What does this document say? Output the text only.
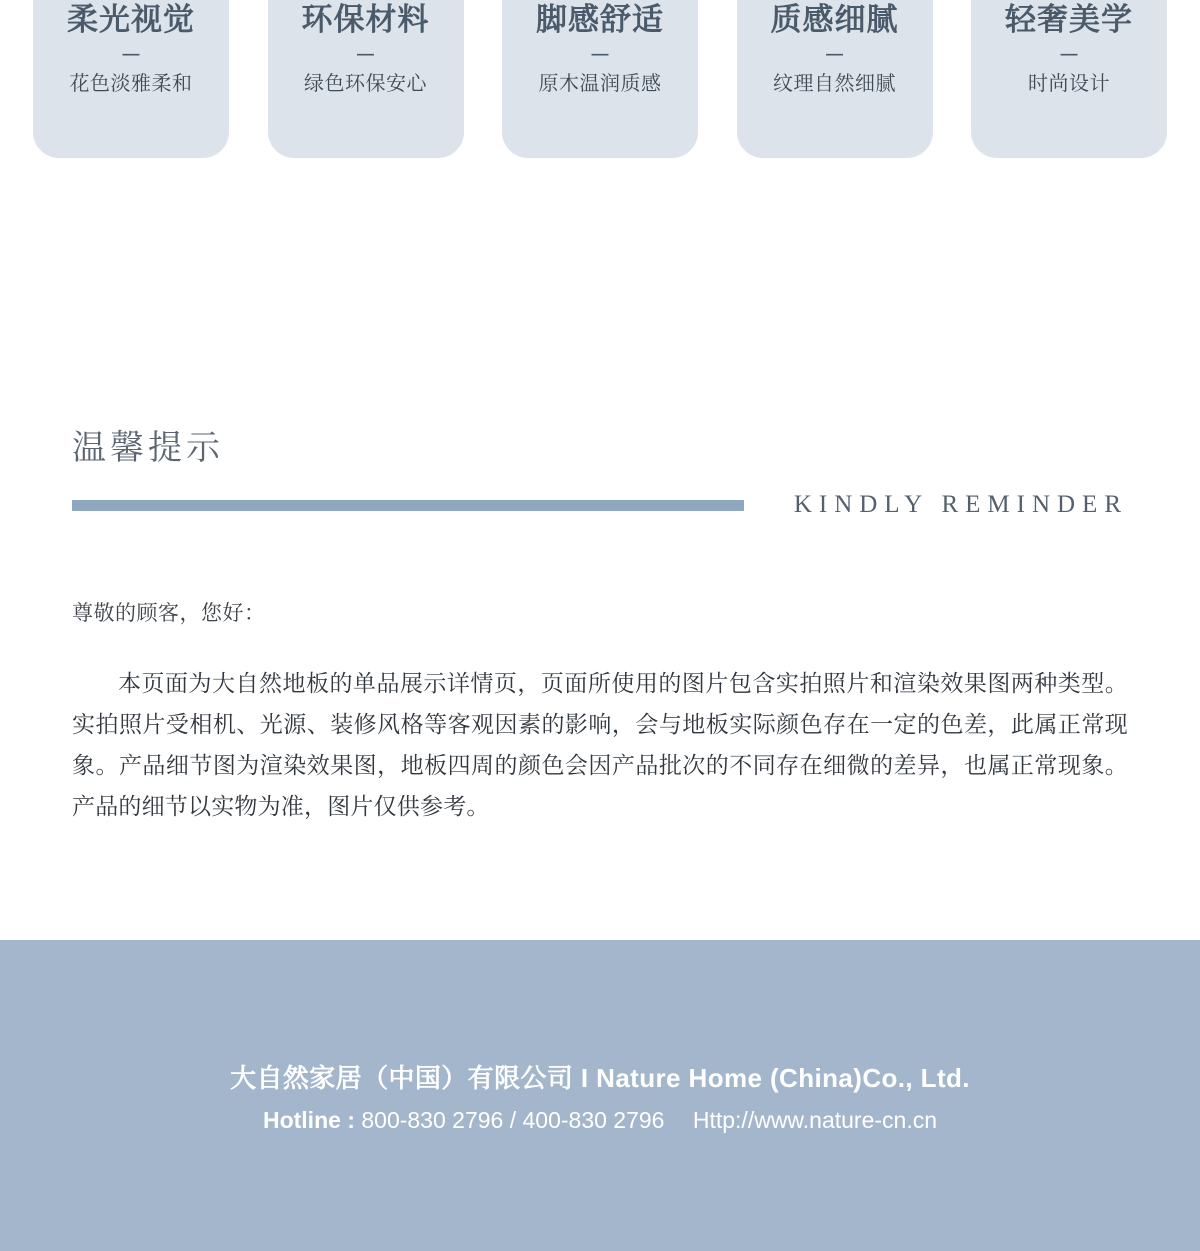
柔光视觉
—
花色淡雅柔和
环保材料
—
绿色环保安心
脚感舒适
—
原木温润质感
质感细腻
—
纹理自然细腻
轻奢美学
—
时尚设计
温馨提示
KINDLY REMINDER
尊敬的顾客，您好：

本页面为大自然地板的单品展示详情页，页面所使用的图片包含实拍照片和渲染效果图两种类型。实拍照片受相机、光源、装修风格等客观因素的影响，会与地板实际颜色存在一定的色差，此属正常现象。产品细节图为渲染效果图，地板四周的颜色会因产品批次的不同存在细微的差异，也属正常现象。产品的细节以实物为准，图片仅供参考。

大自然家居（中国）有限公司 I Nature Home (China)Co., Ltd.
Hotline : 800-830 2796 / 400-830 2796 Http://www.nature-cn.cn
